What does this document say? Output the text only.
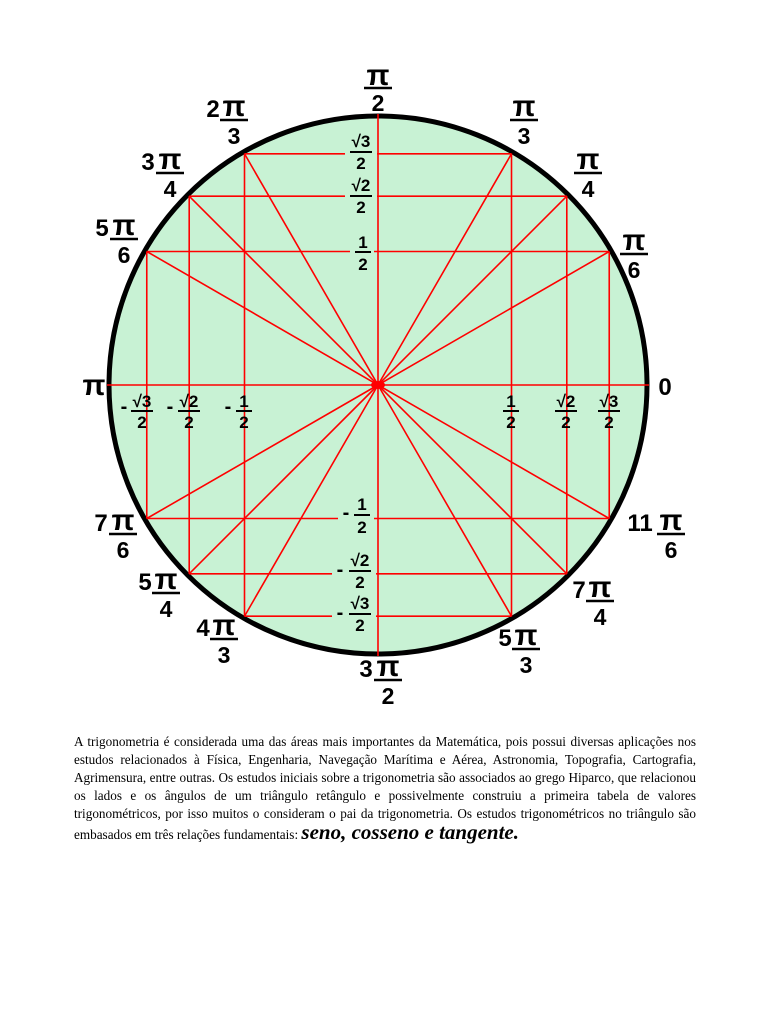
π
2
2 π
3
π
3
3 π
4
π
4
5 π
6	π
6
π	0
7 π
6
11 π
6
5 π
4
7 π
4
4 π
3
5 π
3
3 π
2
- √3
2
- √2
2
- 1
2
1
2
√2
2
√3
2
√3
2
√2
2
1
2
- 1
2
- √2
2
- √3
2

A trigonometria é considerada uma das áreas mais importantes da Matemática, pois possui diversas aplicações nos estudos relacionados à Física, Engenharia, Navegação Marítima e Aérea, Astronomia, Topografia, Cartografia, Agrimensura, entre outras. Os estudos iniciais sobre a trigonometria são associados ao grego Hiparco, que relacionou os lados e os ângulos de um triângulo retângulo e possivelmente construiu a primeira tabela de valores trigonométricos, por isso muitos o consideram o pai da trigonometria. Os estudos trigonométricos no triângulo são embasados em três relações fundamentais: seno, cosseno e tangente.
